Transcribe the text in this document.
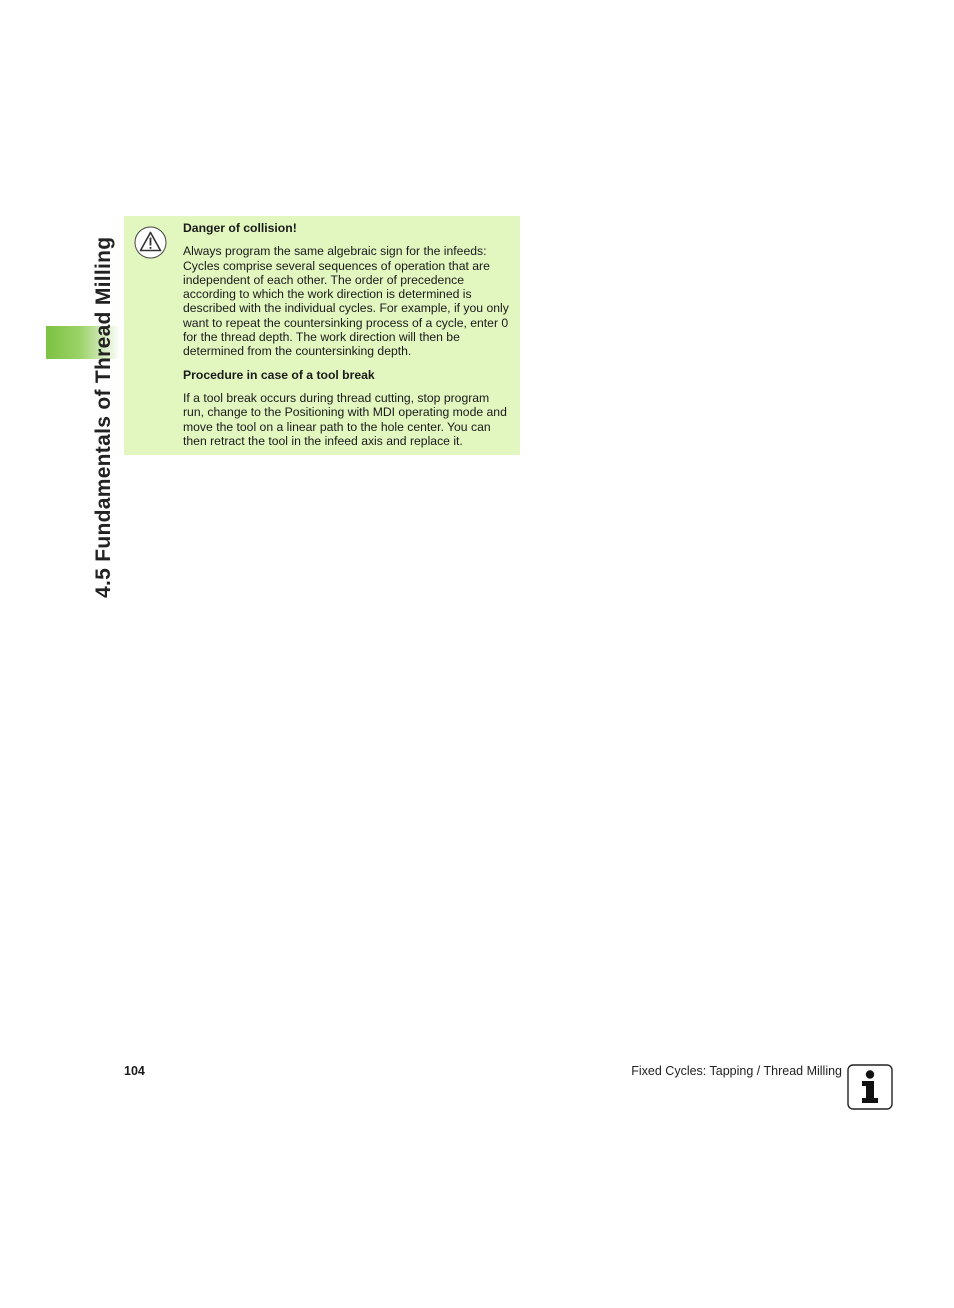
4.5 Fundamentals of Thread Milling
Danger of collision!
Always program the same algebraic sign for the infeeds: Cycles comprise several sequences of operation that are independent of each other. The order of precedence according to which the work direction is determined is described with the individual cycles. For example, if you only want to repeat the countersinking process of a cycle, enter 0 for the thread depth. The work direction will then be determined from the countersinking depth.
Procedure in case of a tool break
If a tool break occurs during thread cutting, stop program run, change to the Positioning with MDI operating mode and move the tool on a linear path to the hole center. You can then retract the tool in the infeed axis and replace it.
104	Fixed Cycles: Tapping / Thread Milling
